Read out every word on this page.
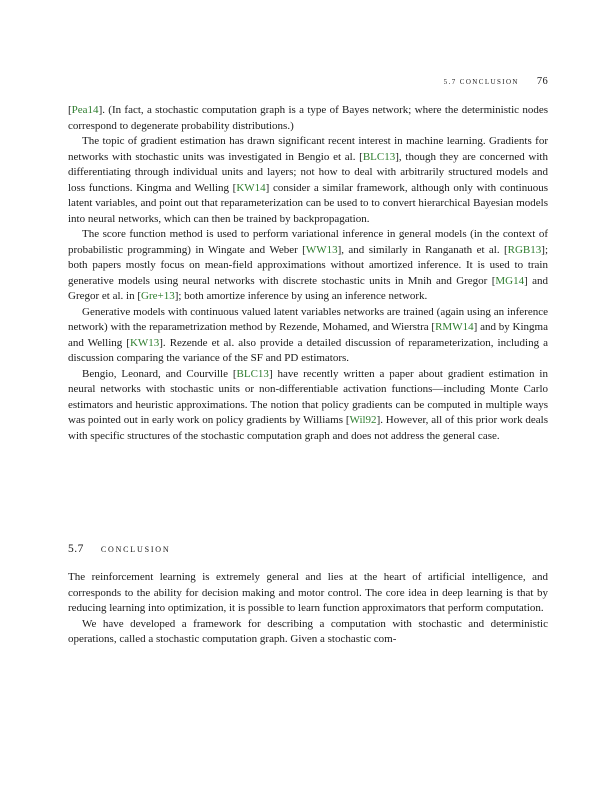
5.7 conclusion 76

[Pea14]. (In fact, a stochastic computation graph is a type of Bayes network; where the deterministic nodes correspond to degenerate probability distributions.)

The topic of gradient estimation has drawn significant recent interest in machine learning. Gradients for networks with stochastic units was investigated in Bengio et al. [BLC13], though they are concerned with differentiating through individual units and layers; not how to deal with arbitrarily structured models and loss functions. Kingma and Welling [KW14] consider a similar framework, although only with continuous latent variables, and point out that reparameterization can be used to to convert hierarchical Bayesian models into neural networks, which can then be trained by backpropagation.

The score function method is used to perform variational inference in general models (in the context of probabilistic programming) in Wingate and Weber [WW13], and similarly in Ranganath et al. [RGB13]; both papers mostly focus on mean-field approximations without amortized inference. It is used to train generative models using neural networks with discrete stochastic units in Mnih and Gregor [MG14] and Gregor et al. in [Gre+13]; both amortize inference by using an inference network.

Generative models with continuous valued latent variables networks are trained (again using an inference network) with the reparametrization method by Rezende, Mohamed, and Wierstra [RMW14] and by Kingma and Welling [KW13]. Rezende et al. also provide a detailed discussion of reparameterization, including a discussion comparing the variance of the SF and PD estimators.

Bengio, Leonard, and Courville [BLC13] have recently written a paper about gradient estimation in neural networks with stochastic units or non-differentiable activation functions—including Monte Carlo estimators and heuristic approximations. The notion that policy gradients can be computed in multiple ways was pointed out in early work on policy gradients by Williams [Wil92]. However, all of this prior work deals with specific structures of the stochastic computation graph and does not address the general case.

5.7 conclusion

The reinforcement learning is extremely general and lies at the heart of artificial intelligence, and corresponds to the ability for decision making and motor control. The core idea in deep learning is that by reducing learning into optimization, it is possible to learn function approximators that perform computation.

We have developed a framework for describing a computation with stochastic and deterministic operations, called a stochastic computation graph. Given a stochastic com-
